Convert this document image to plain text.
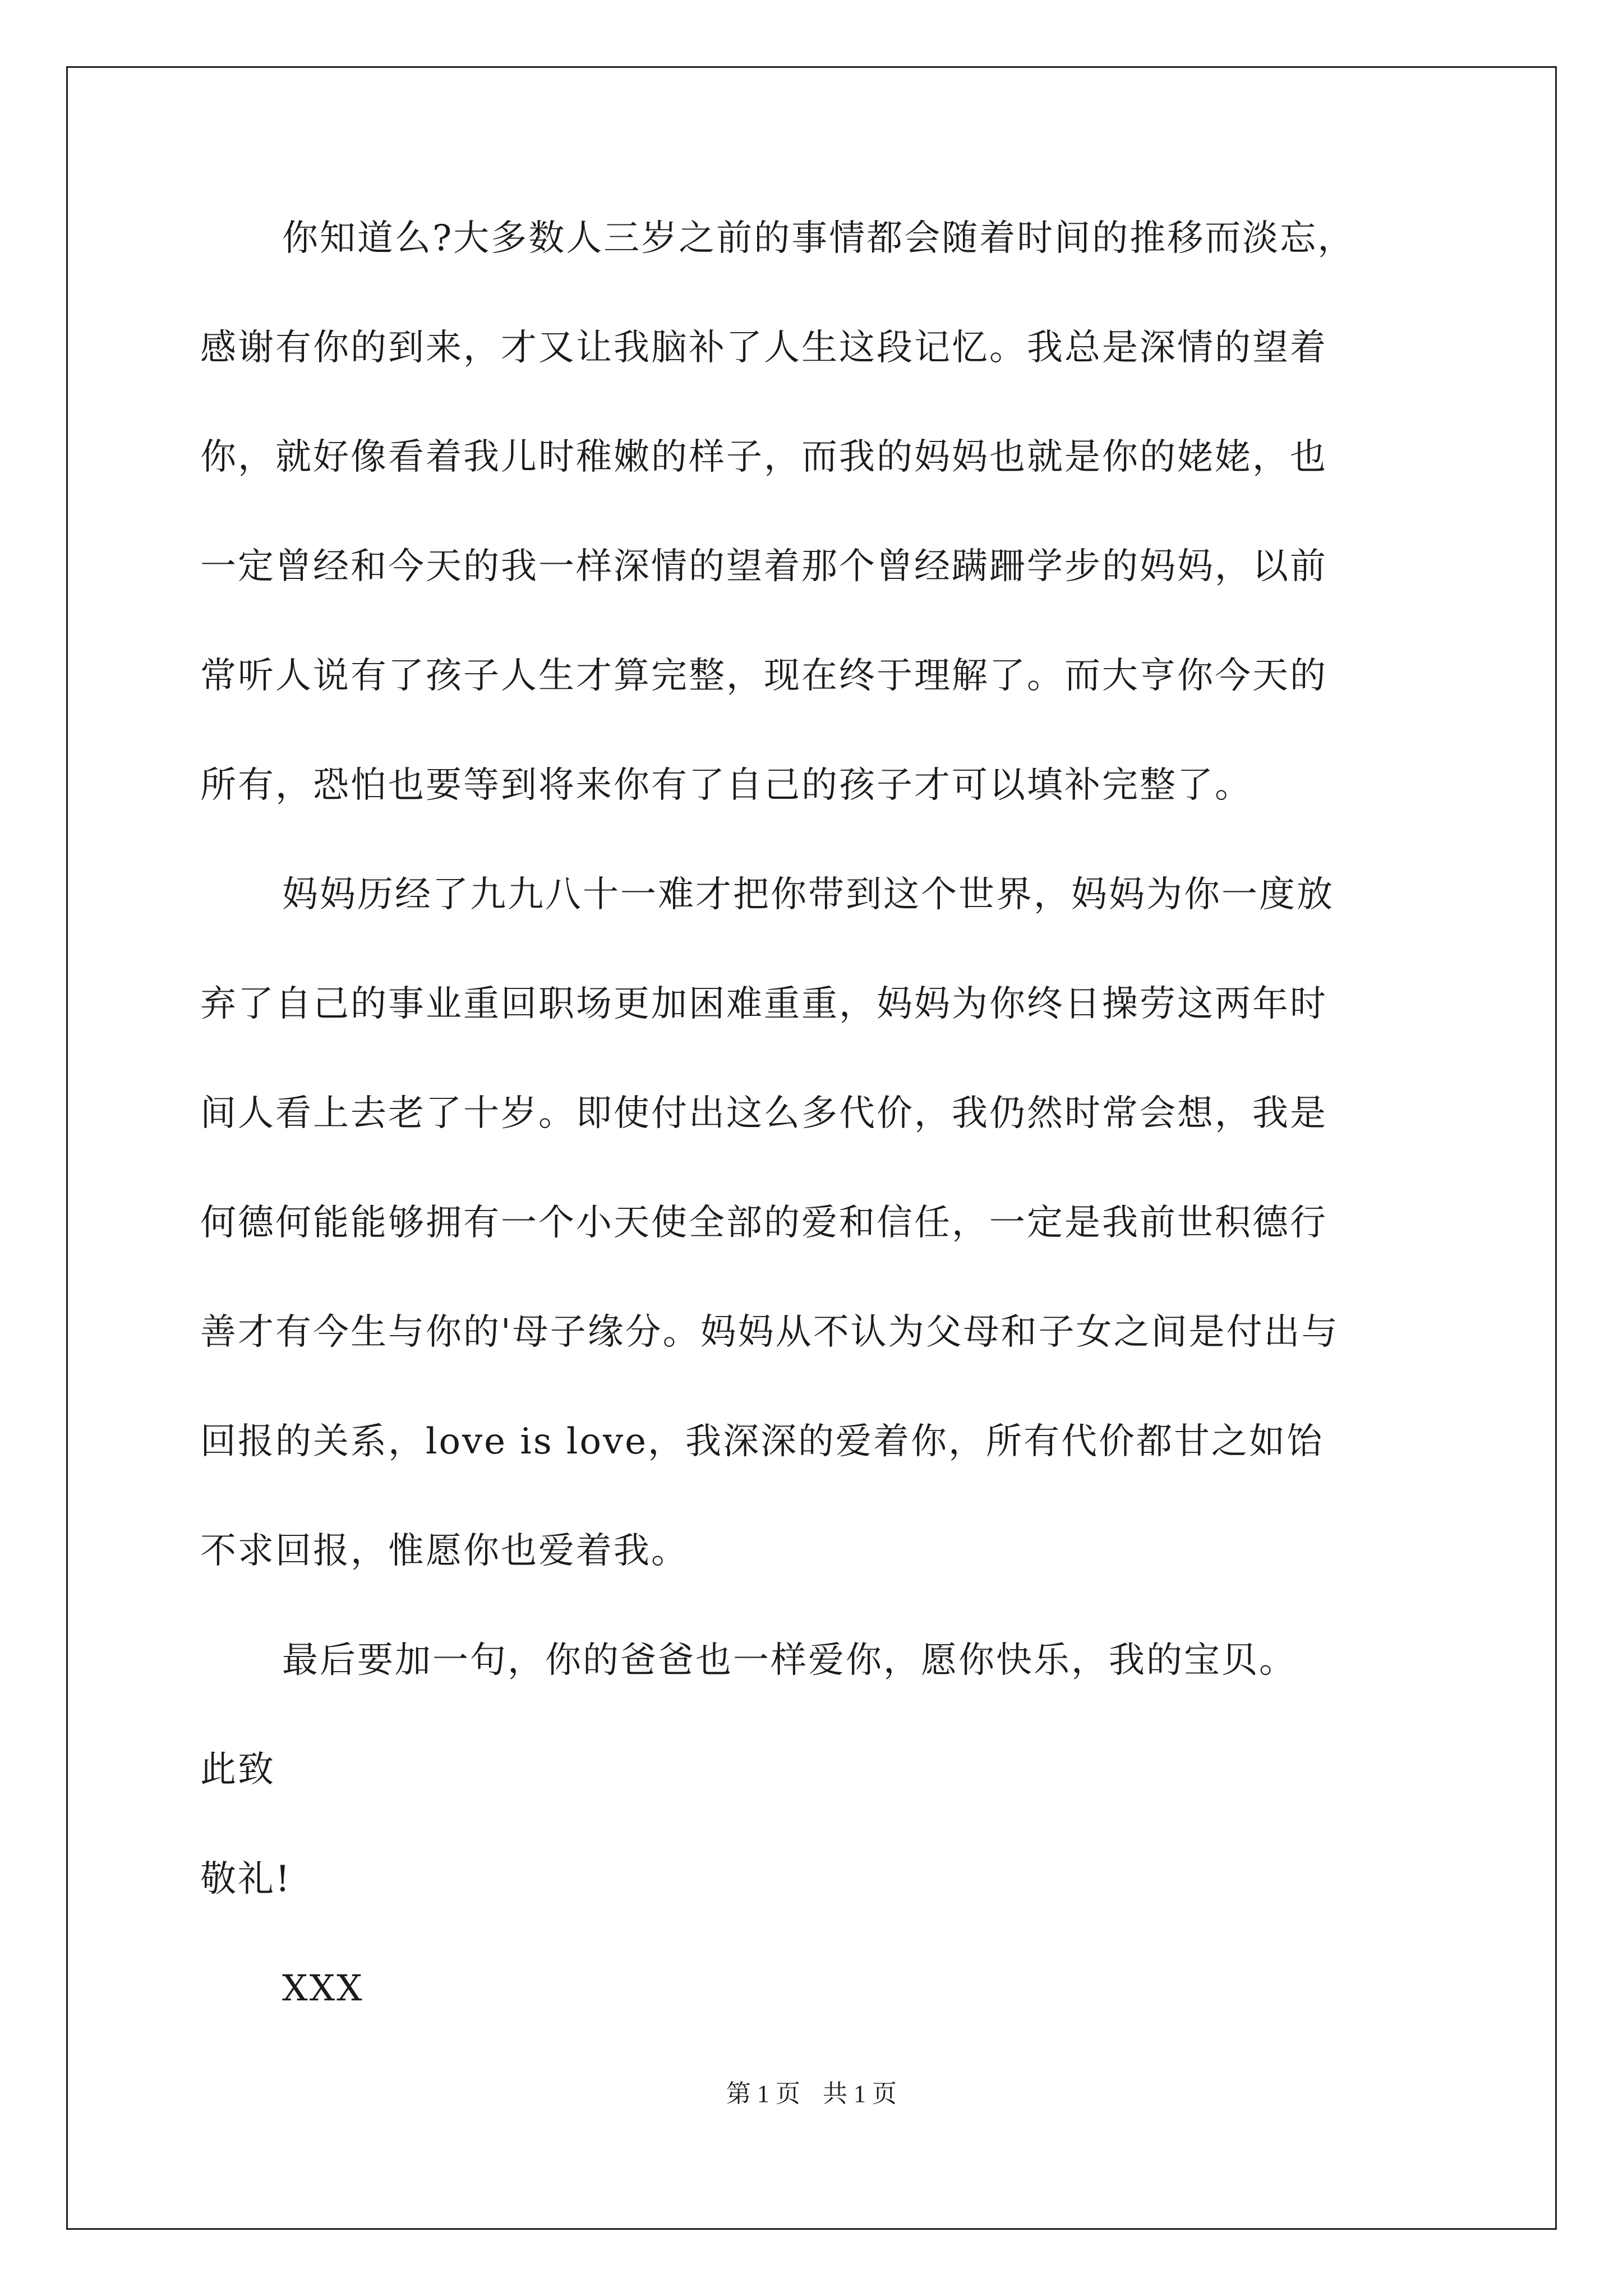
你知道么?大多数人三岁之前的事情都会随着时间的推移而淡忘，
感谢有你的到来，才又让我脑补了人生这段记忆。我总是深情的望着
你，就好像看着我儿时稚嫩的样子，而我的妈妈也就是你的姥姥，也
一定曾经和今天的我一样深情的望着那个曾经蹒跚学步的妈妈，以前
常听人说有了孩子人生才算完整，现在终于理解了。而大亨你今天的
所有，恐怕也要等到将来你有了自己的孩子才可以填补完整了。
妈妈历经了九九八十一难才把你带到这个世界，妈妈为你一度放
弃了自己的事业重回职场更加困难重重，妈妈为你终日操劳这两年时
间人看上去老了十岁。即使付出这么多代价，我仍然时常会想，我是
何德何能能够拥有一个小天使全部的爱和信任，一定是我前世积德行
善才有今生与你的'母子缘分。妈妈从不认为父母和子女之间是付出与
回报的关系，love is love，我深深的爱着你，所有代价都甘之如饴
不求回报，惟愿你也爱着我。
最后要加一句，你的爸爸也一样爱你，愿你快乐，我的宝贝。
此致
敬礼!
XXX
第 1 页 共 1 页
